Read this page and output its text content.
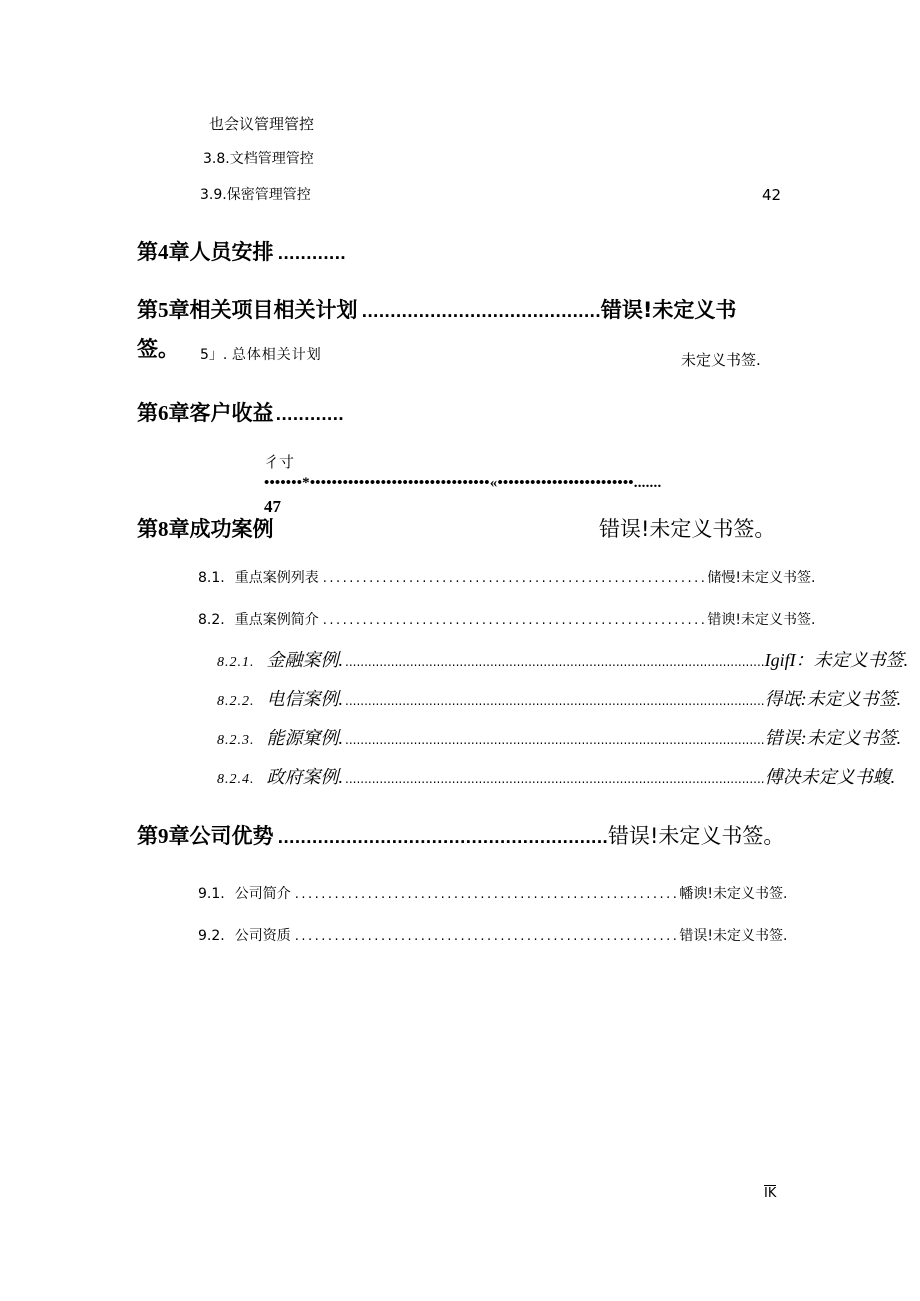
也会议管理管控
3.8.文档管理管控
3.9.保密管理管控	42
第4章人员安排 ............
第 5 章相关项目相关计划 .......................................... 错误!未定义书
签。 5」. 总体相关计划	未定义书签.
第6章客户收益 ............
彳寸
•••••••*•••••••••••••••••••••••••••••••••«•••••••••••••••••••••••••.......
47
第8章成功案例	错误!未定义书签。
8.1. 重点案例列表 .......................................................... 储慢!未定义书签.
8.2. 重点案例简介 .......................................................... 错谀!未定义书签.
8.2.1. 金融案例. .............................................................................................................. IgifI：未定义书签.
8.2.2. 电信案例. .............................................................................................................. 得氓:未定义书签.
8.2.3. 能源窠例. .............................................................................................................. 错误:未定义书签.
8.2.4. 政府案例. .............................................................................................................. 傅决未定义书蝮.
第 9 章公司优势 .......................................................... 错误!未定义书签。
9.1. 公司简介 .......................................................... 幡谀!未定义书签.
9.2. 公司资质 .......................................................... 错误!未定义书签.
IK
